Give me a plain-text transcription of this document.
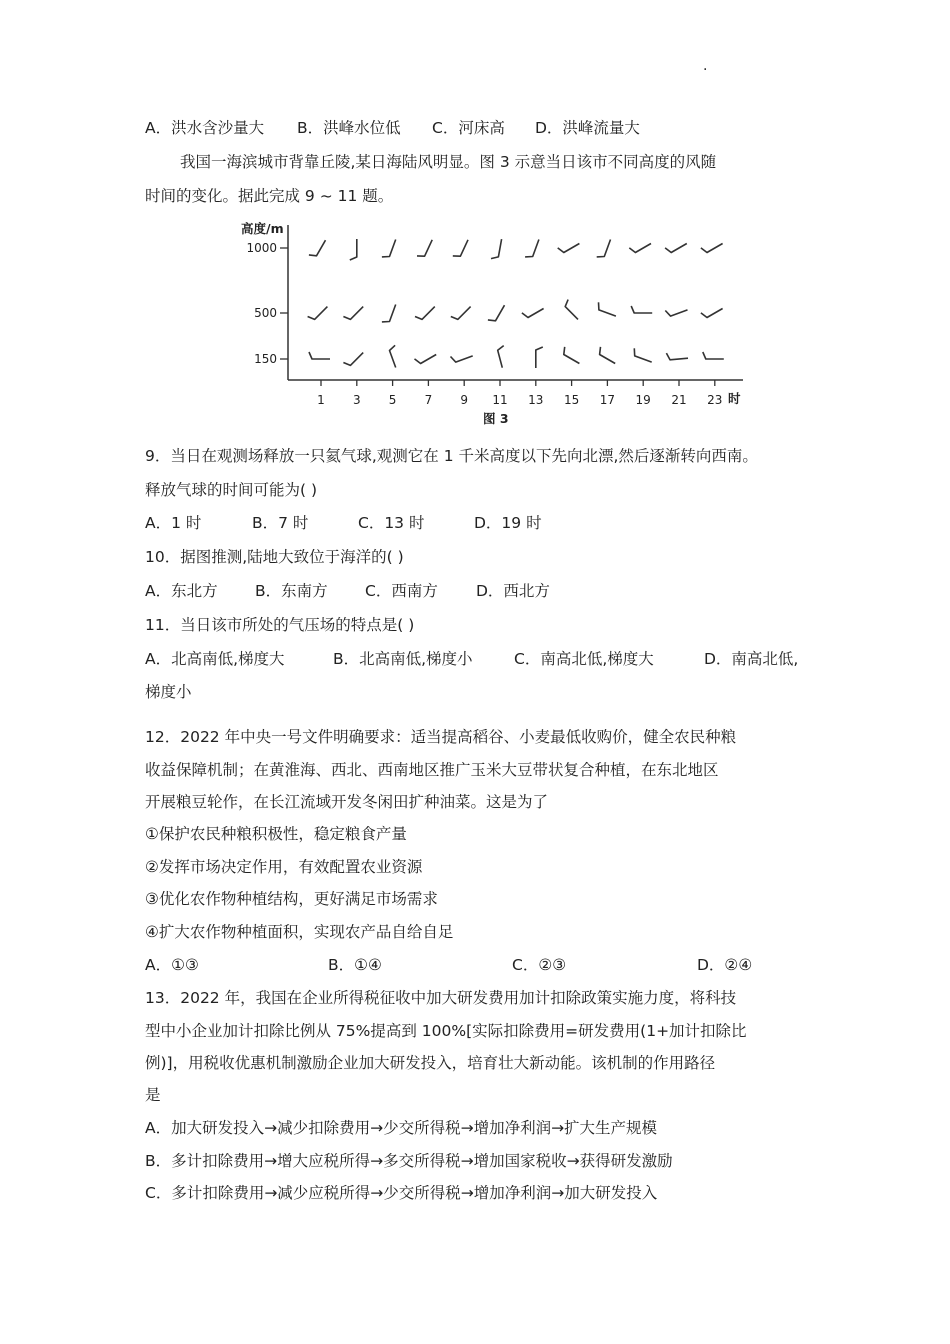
·
A．洪水含沙量大 B．洪峰水位低 C．河床高 D．洪峰流量大
我国一海滨城市背靠丘陵,某日海陆风明显。图 3 示意当日该市不同高度的风随
时间的变化。据此完成 9 ~ 11 题。
高度/m
1000
500
150
1 3 5 7 9 11 13 15 17 19 21 23 时
图 3
9．当日在观测场释放一只氦气球,观测它在 1 千米高度以下先向北漂,然后逐渐转向西南。
释放气球的时间可能为( )
A．1 时	B．7 时	C．13 时	D．19 时
10．据图推测,陆地大致位于海洋的( )
A．东北方 B．东南方 C．西南方 D．西北方
11．当日该市所处的气压场的特点是( )
A．北高南低,梯度大	B．北高南低,梯度小	C．南高北低,梯度大	D．南高北低,
梯度小
12．2022 年中央一号文件明确要求：适当提高稻谷、小麦最低收购价，健全农民种粮
收益保障机制；在黄淮海、西北、西南地区推广玉米大豆带状复合种植，在东北地区
开展粮豆轮作，在长江流域开发冬闲田扩种油菜。这是为了
①保护农民种粮积极性，稳定粮食产量
②发挥市场决定作用，有效配置农业资源
③优化农作物种植结构，更好满足市场需求
④扩大农作物种植面积，实现农产品自给自足
A．①③	B．①④	C．②③	D．②④
13．2022 年，我国在企业所得税征收中加大研发费用加计扣除政策实施力度，将科技
型中小企业加计扣除比例从 75%提高到 100%[实际扣除费用=研发费用(1+加计扣除比
例)]，用税收优惠机制激励企业加大研发投入，培育壮大新动能。该机制的作用路径
是
A．加大研发投入→减少扣除费用→少交所得税→增加净利润→扩大生产规模
B．多计扣除费用→增大应税所得→多交所得税→增加国家税收→获得研发激励
C．多计扣除费用→减少应税所得→少交所得税→增加净利润→加大研发投入
